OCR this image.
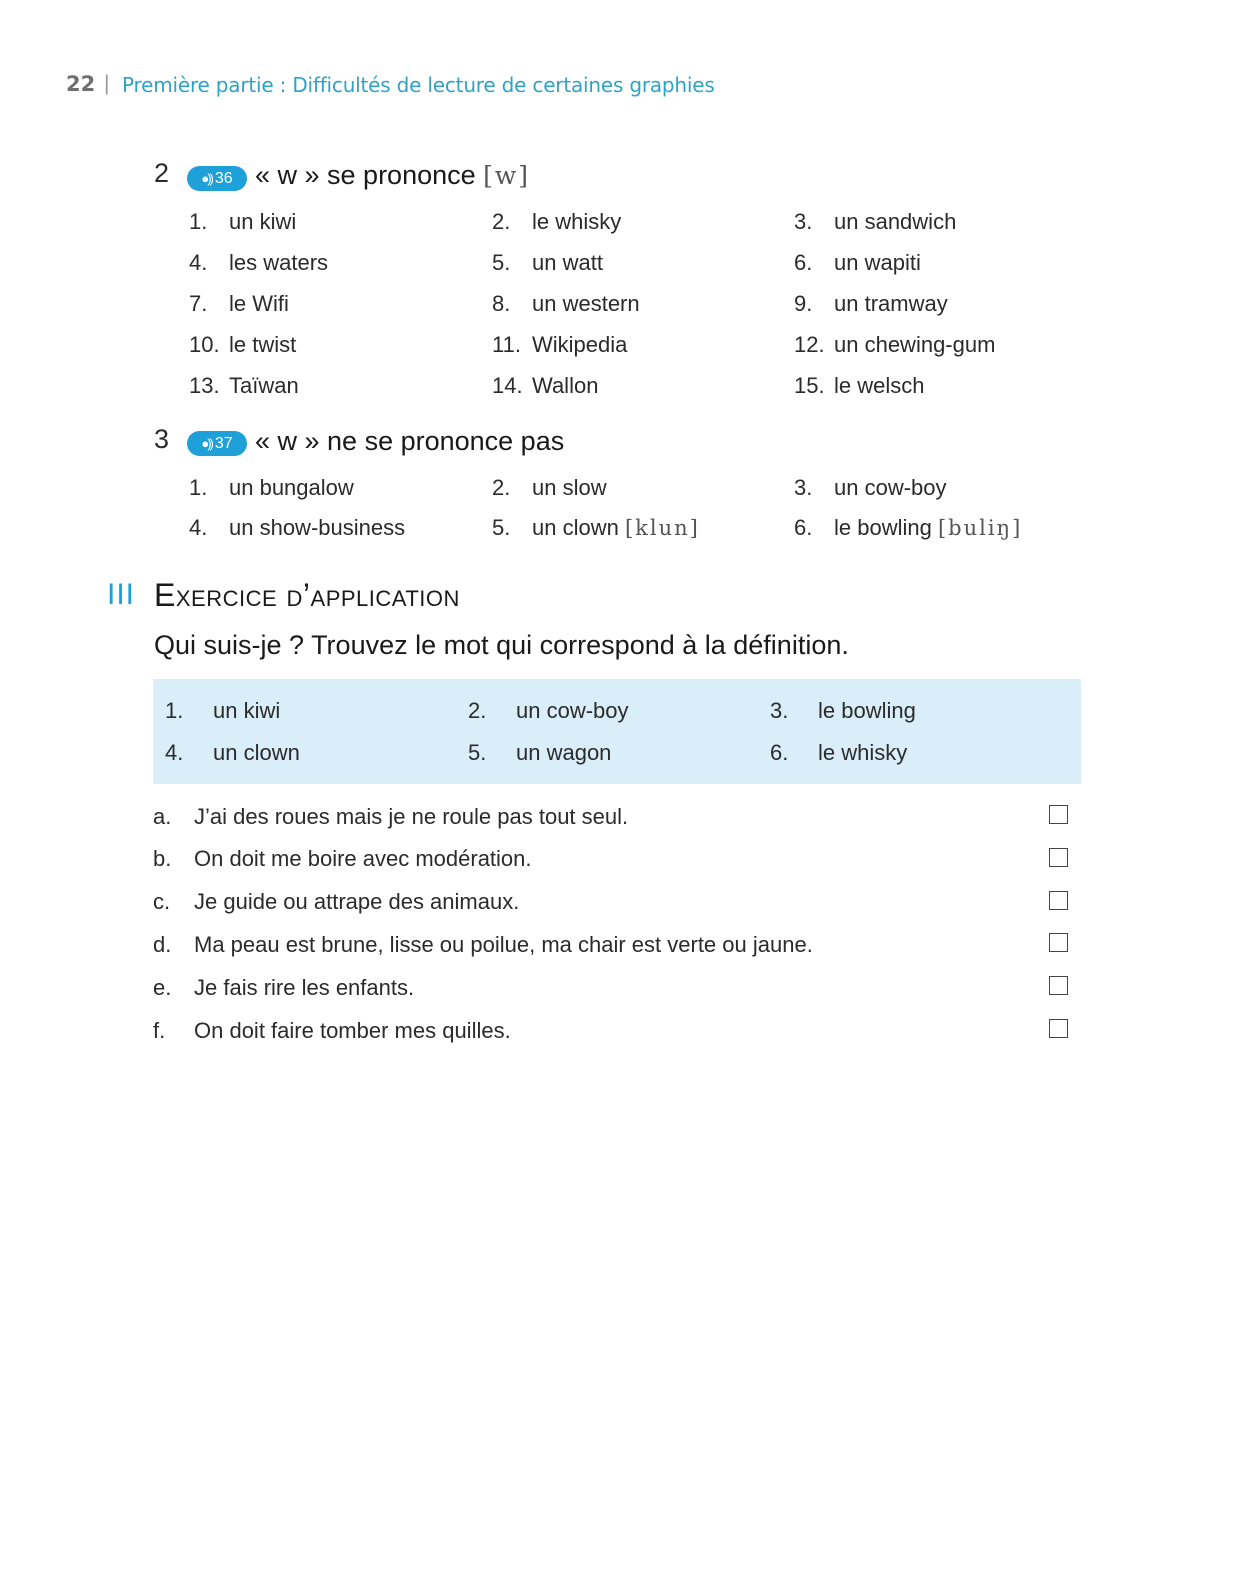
22 | Première partie : Difficultés de lecture de certaines graphies
2 ●)) 36 « w » se prononce [w]
1. un kiwi	2. le whisky	3. un sandwich
4. les waters	5. un watt	6. un wapiti
7. le Wifi	8. un western	9. un tramway
10. le twist	11. Wikipedia	12. un chewing-gum
13. Taïwan	14. Wallon	15. le welsch
3 ●)) 37 « w » ne se prononce pas
1. un bungalow	2. un slow	3. un cow-boy
4. un show-business	5. un clown [klun]	6. le bowling [buliŋ]
III Exercice d’application
Qui suis-je ? Trouvez le mot qui correspond à la définition.
1. un kiwi	2. un cow-boy	3. le bowling
4. un clown	5. un wagon	6. le whisky
a. J’ai des roues mais je ne roule pas tout seul.
b. On doit me boire avec modération.
c. Je guide ou attrape des animaux.
d. Ma peau est brune, lisse ou poilue, ma chair est verte ou jaune.
e. Je fais rire les enfants.
f. On doit faire tomber mes quilles.
